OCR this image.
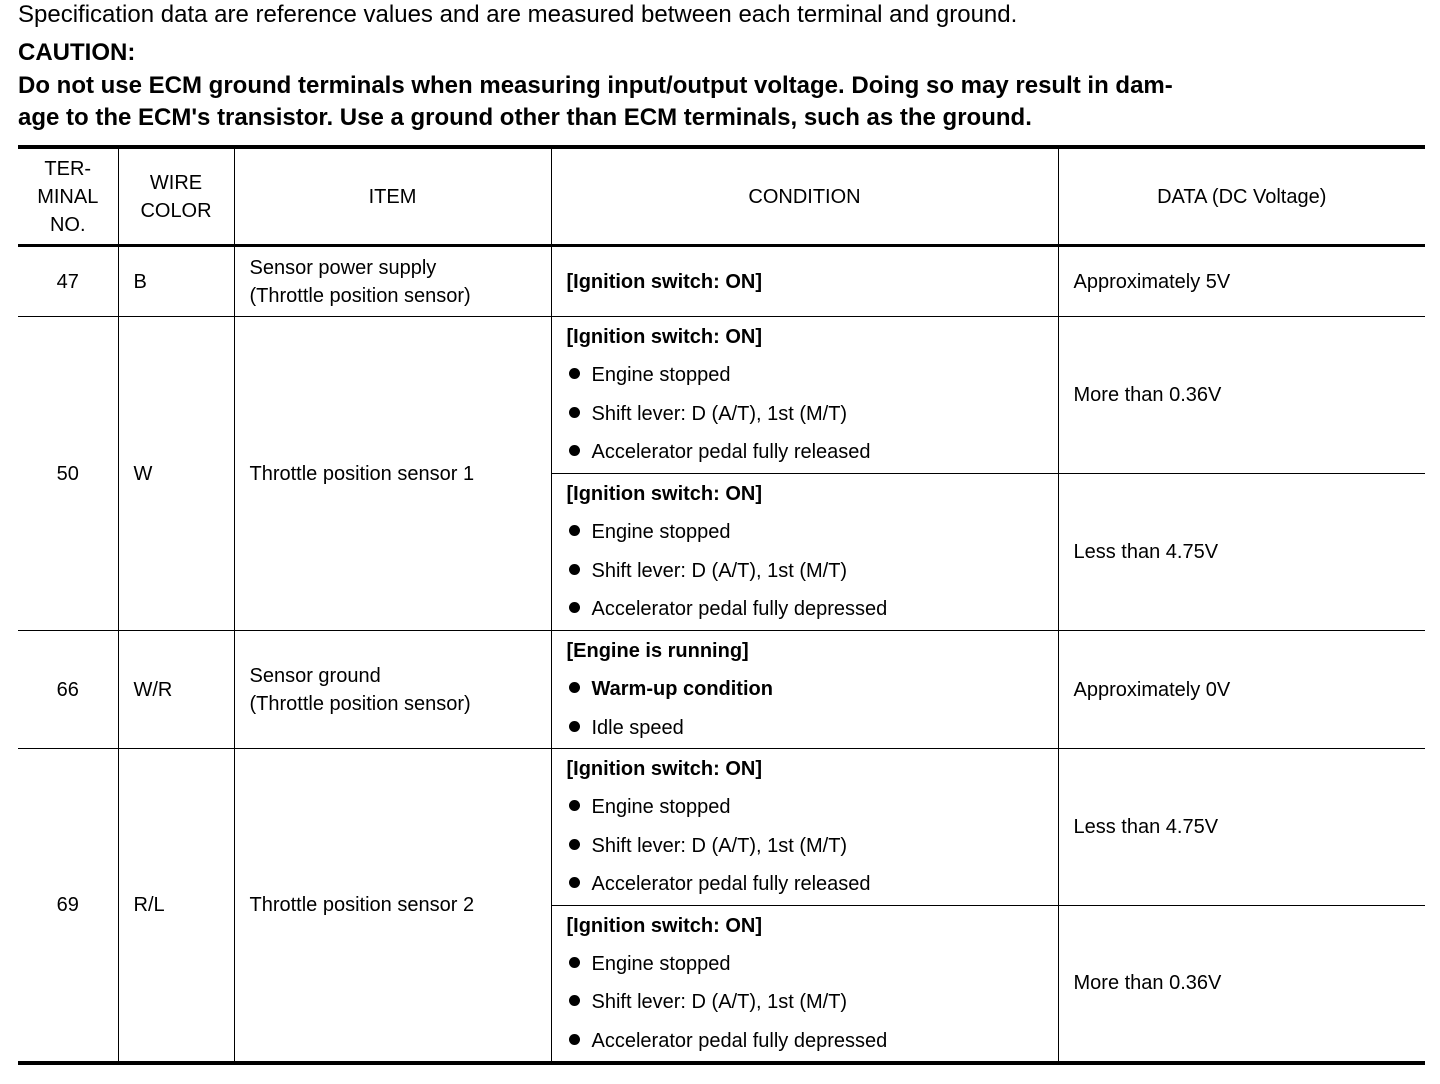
Specification data are reference values and are measured between each terminal and ground.
CAUTION:
Do not use ECM ground terminals when measuring input/output voltage. Doing so may result in dam-
age to the ECM's transistor. Use a ground other than ECM terminals, such as the ground.
TER-
MINAL
NO.	WIRE
COLOR	ITEM	CONDITION	DATA (DC Voltage)
47	B	Sensor power supply
(Throttle position sensor)	[Ignition switch: ON]	Approximately 5V
50	W	Throttle position sensor 1	[Ignition switch: ON]
Engine stopped
Shift lever: D (A/T), 1st (M/T)
Accelerator pedal fully released	More than 0.36V

			[Ignition switch: ON]
Engine stopped
Shift lever: D (A/T), 1st (M/T)
Accelerator pedal fully depressed	Less than 4.75V
66	W/R	Sensor ground
(Throttle position sensor)	[Engine is running]
Warm-up condition
Idle speed	Approximately 0V
69	R/L	Throttle position sensor 2	[Ignition switch: ON]
Engine stopped
Shift lever: D (A/T), 1st (M/T)
Accelerator pedal fully released	Less than 4.75V

			[Ignition switch: ON]
Engine stopped
Shift lever: D (A/T), 1st (M/T)
Accelerator pedal fully depressed	More than 0.36V
